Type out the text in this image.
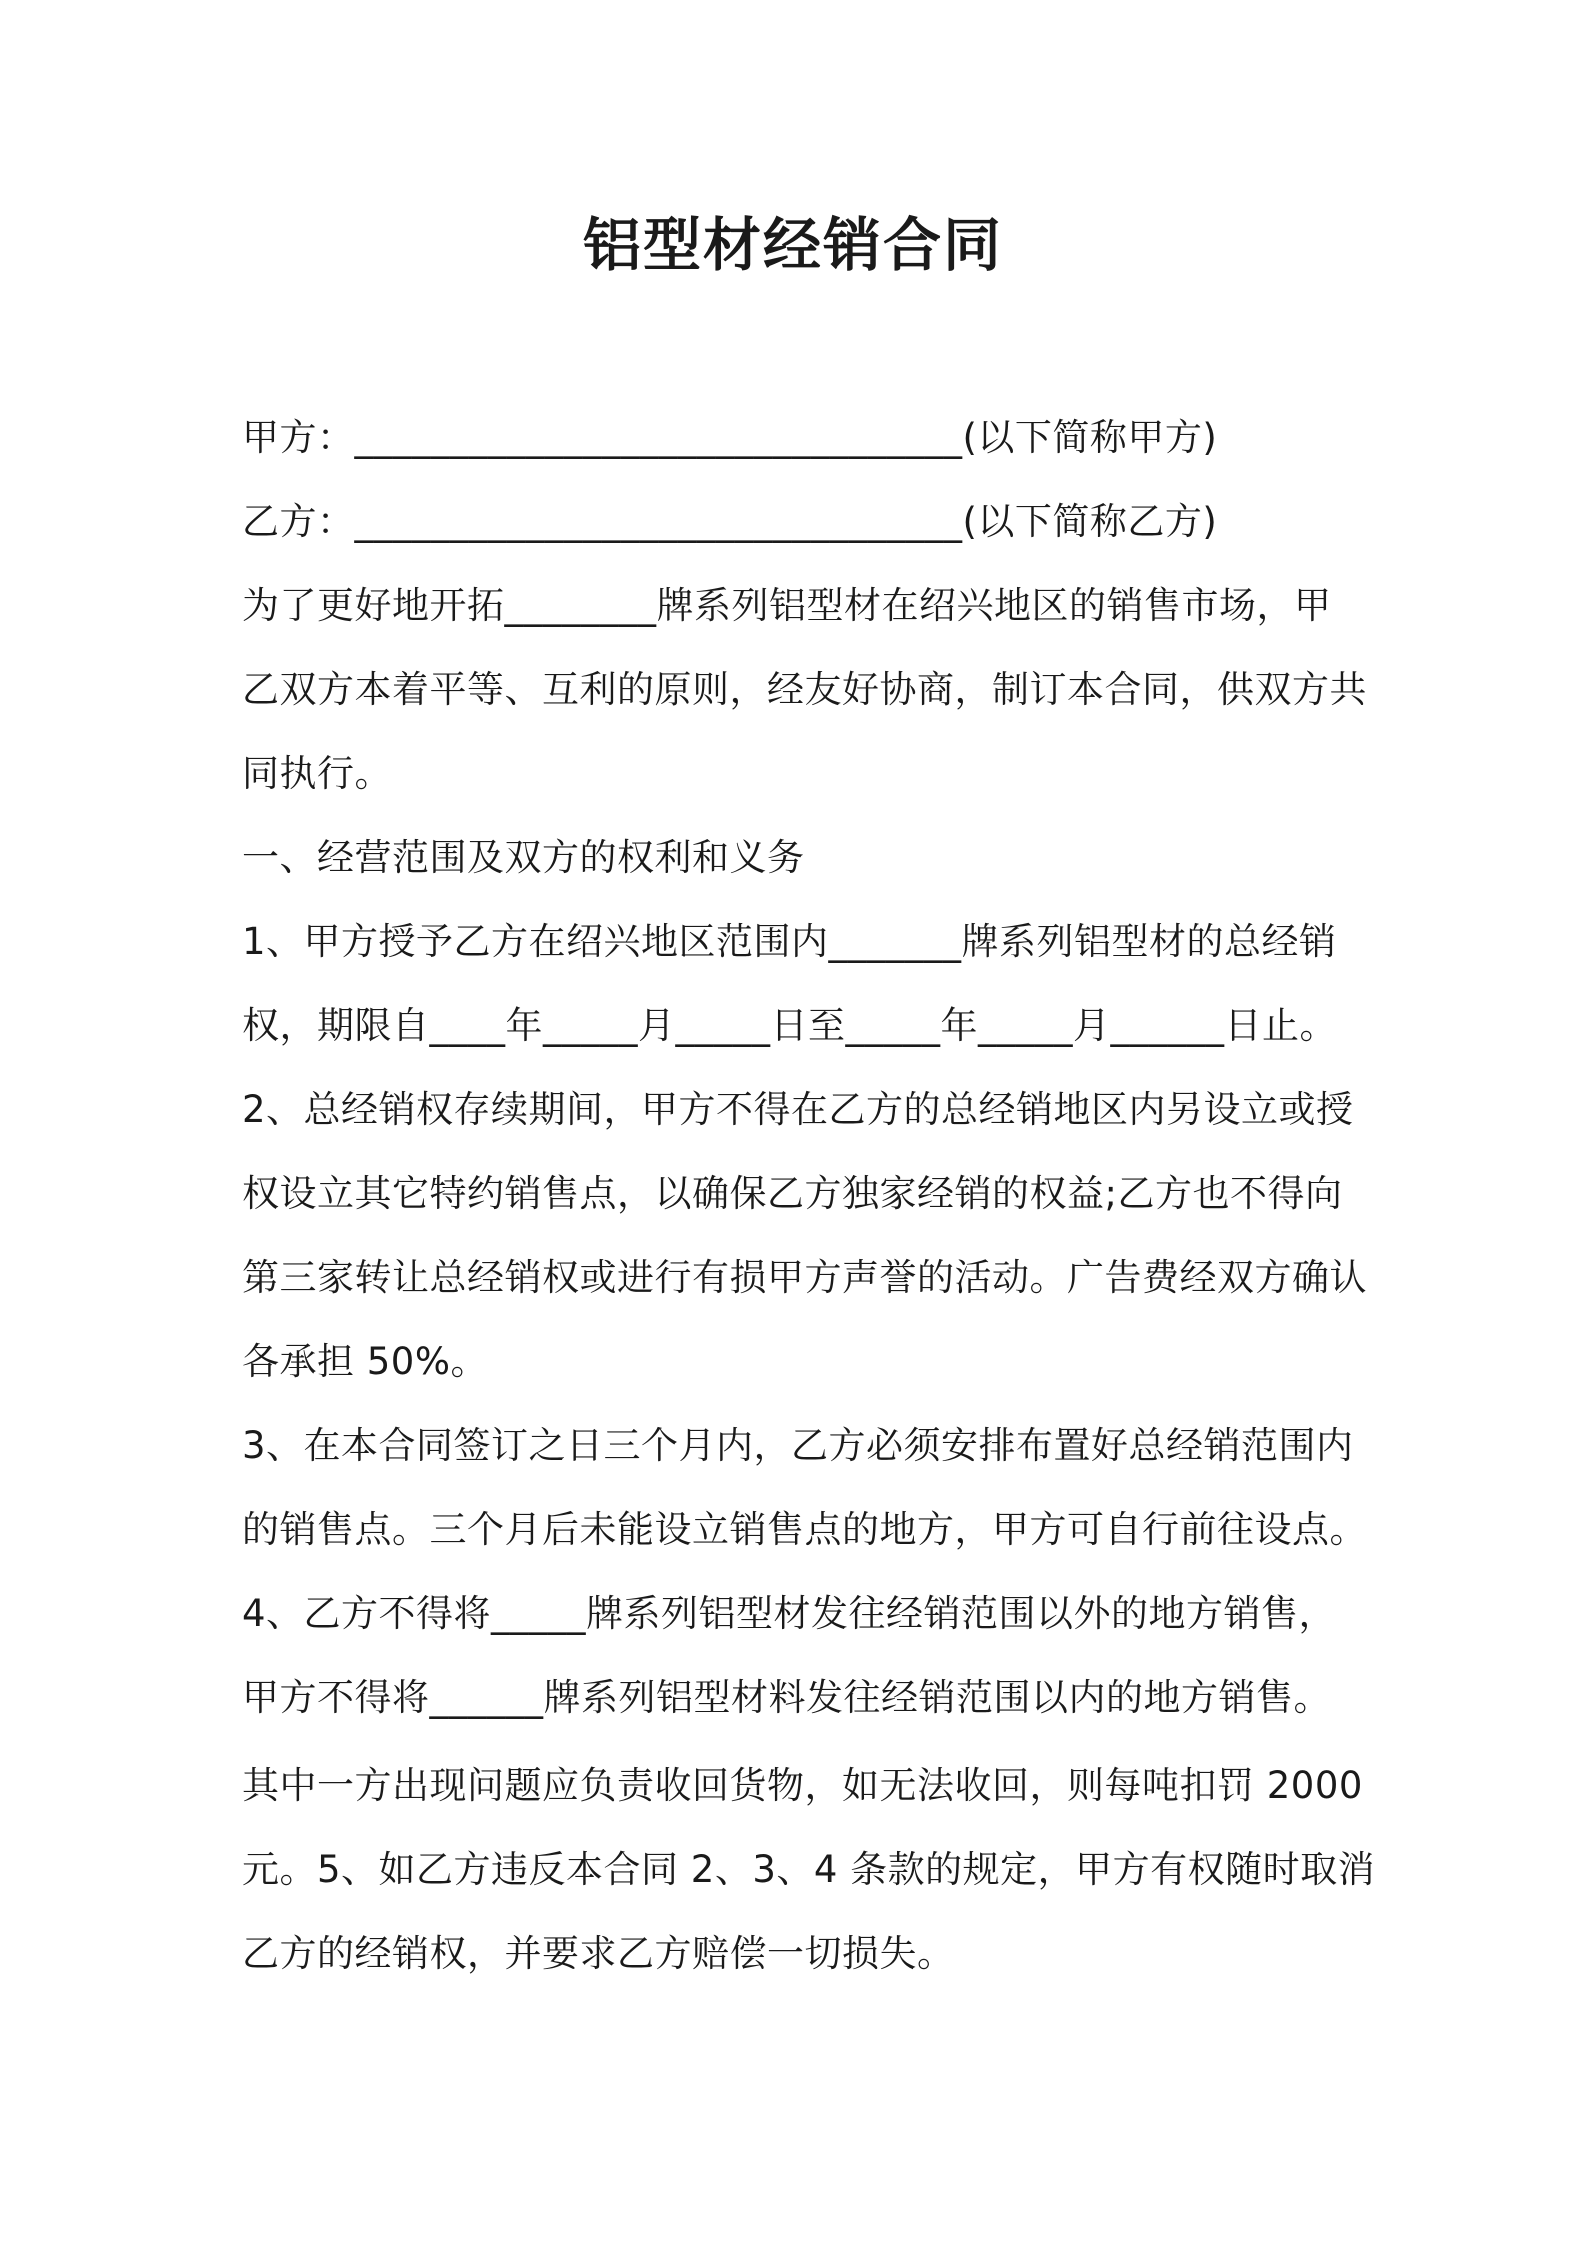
铝型材经销合同
甲方：________________________________(以下简称甲方)
乙方：________________________________(以下简称乙方)
为了更好地开拓________牌系列铝型材在绍兴地区的销售市场，甲
乙双方本着平等、互利的原则，经友好协商，制订本合同，供双方共
同执行。
一、经营范围及双方的权利和义务
1、甲方授予乙方在绍兴地区范围内_______牌系列铝型材的总经销
权，期限自____年_____月_____日至_____年_____月______日止。
2、总经销权存续期间，甲方不得在乙方的总经销地区内另设立或授
权设立其它特约销售点，以确保乙方独家经销的权益;乙方也不得向
第三家转让总经销权或进行有损甲方声誉的活动。广告费经双方确认
各承担 50%。
3、在本合同签订之日三个月内，乙方必须安排布置好总经销范围内
的销售点。三个月后未能设立销售点的地方，甲方可自行前往设点。
4、乙方不得将_____牌系列铝型材发往经销范围以外的地方销售，
甲方不得将______牌系列铝型材料发往经销范围以内的地方销售。
其中一方出现问题应负责收回货物，如无法收回，则每吨扣罚 2000
元。5、如乙方违反本合同 2、3、4 条款的规定，甲方有权随时取消
乙方的经销权，并要求乙方赔偿一切损失。
